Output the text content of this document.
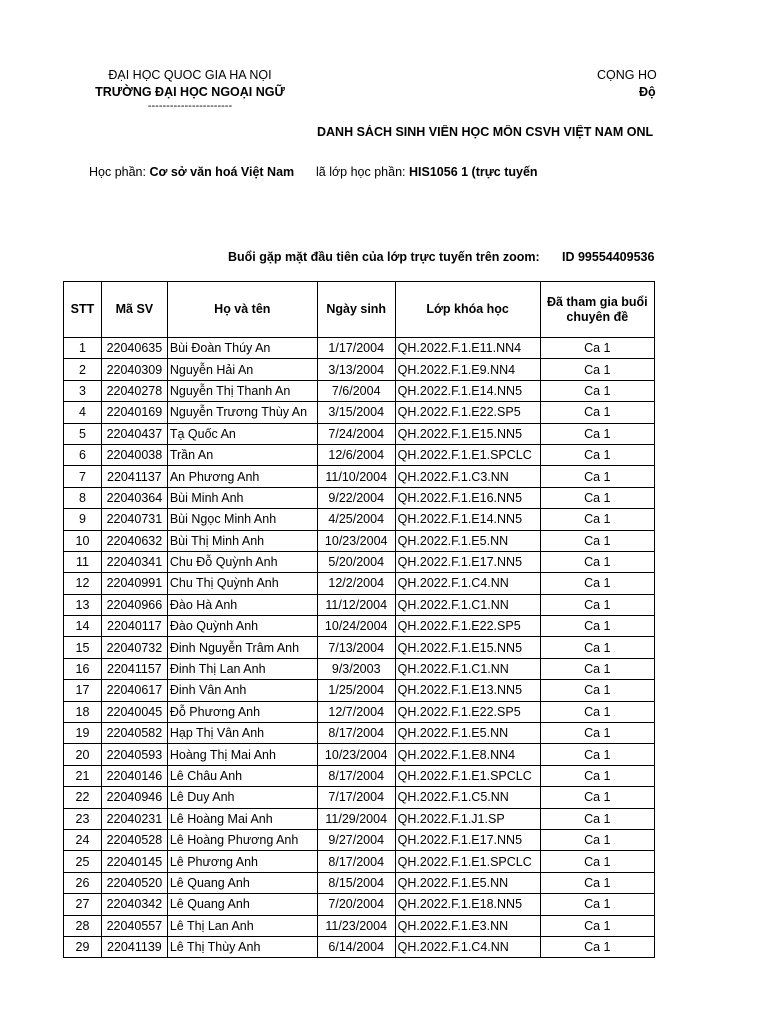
ĐẠI HỌC QUOC GIA HA NỌI
TRƯỜNG ĐẠI HỌC NGOẠI NGỮ
-----------------------
CỌNG HO
Độ
DANH SÁCH SINH VIÊN HỌC MÔN CSVH VIỆT NAM ONL
Học phần: Cơ sở văn hoá Việt Nam lã lớp học phần: HIS1056 1 (trực tuyến
Buổi gặp mặt đầu tiên của lớp trực tuyến trên zoom: ID 99554409536
STT	Mã SV	Họ và tên	Ngày sinh	Lớp khóa học	Đã tham gia buổi chuyên đề
1	22040635	Bùi Đoàn Thúy An	1/17/2004	QH.2022.F.1.E11.NN4	Ca 1
2	22040309	Nguyễn Hải An	3/13/2004	QH.2022.F.1.E9.NN4	Ca 1
3	22040278	Nguyễn Thị Thanh An	7/6/2004	QH.2022.F.1.E14.NN5	Ca 1
4	22040169	Nguyễn Trương Thùy An	3/15/2004	QH.2022.F.1.E22.SP5	Ca 1
5	22040437	Tạ Quốc An	7/24/2004	QH.2022.F.1.E15.NN5	Ca 1
6	22040038	Trần An	12/6/2004	QH.2022.F.1.E1.SPCLC	Ca 1
7	22041137	An Phương Anh	11/10/2004	QH.2022.F.1.C3.NN	Ca 1
8	22040364	Bùi Minh Anh	9/22/2004	QH.2022.F.1.E16.NN5	Ca 1
9	22040731	Bùi Ngọc Minh Anh	4/25/2004	QH.2022.F.1.E14.NN5	Ca 1
10	22040632	Bùi Thị Minh Anh	10/23/2004	QH.2022.F.1.E5.NN	Ca 1
11	22040341	Chu Đỗ Quỳnh Anh	5/20/2004	QH.2022.F.1.E17.NN5	Ca 1
12	22040991	Chu Thị Quỳnh Anh	12/2/2004	QH.2022.F.1.C4.NN	Ca 1
13	22040966	Đào Hà Anh	11/12/2004	QH.2022.F.1.C1.NN	Ca 1
14	22040117	Đào Quỳnh Anh	10/24/2004	QH.2022.F.1.E22.SP5	Ca 1
15	22040732	Đinh Nguyễn Trâm Anh	7/13/2004	QH.2022.F.1.E15.NN5	Ca 1
16	22041157	Đinh Thị Lan Anh	9/3/2003	QH.2022.F.1.C1.NN	Ca 1
17	22040617	Đinh Vân Anh	1/25/2004	QH.2022.F.1.E13.NN5	Ca 1
18	22040045	Đỗ Phương Anh	12/7/2004	QH.2022.F.1.E22.SP5	Ca 1
19	22040582	Hạp Thị Vân Anh	8/17/2004	QH.2022.F.1.E5.NN	Ca 1
20	22040593	Hoàng Thị Mai Anh	10/23/2004	QH.2022.F.1.E8.NN4	Ca 1
21	22040146	Lê Châu Anh	8/17/2004	QH.2022.F.1.E1.SPCLC	Ca 1
22	22040946	Lê Duy Anh	7/17/2004	QH.2022.F.1.C5.NN	Ca 1
23	22040231	Lê Hoàng Mai Anh	11/29/2004	QH.2022.F.1.J1.SP	Ca 1
24	22040528	Lê Hoàng Phương Anh	9/27/2004	QH.2022.F.1.E17.NN5	Ca 1
25	22040145	Lê Phương Anh	8/17/2004	QH.2022.F.1.E1.SPCLC	Ca 1
26	22040520	Lê Quang Anh	8/15/2004	QH.2022.F.1.E5.NN	Ca 1
27	22040342	Lê Quang Anh	7/20/2004	QH.2022.F.1.E18.NN5	Ca 1
28	22040557	Lê Thị Lan Anh	11/23/2004	QH.2022.F.1.E3.NN	Ca 1
29	22041139	Lê Thị Thùy Anh	6/14/2004	QH.2022.F.1.C4.NN	Ca 1
